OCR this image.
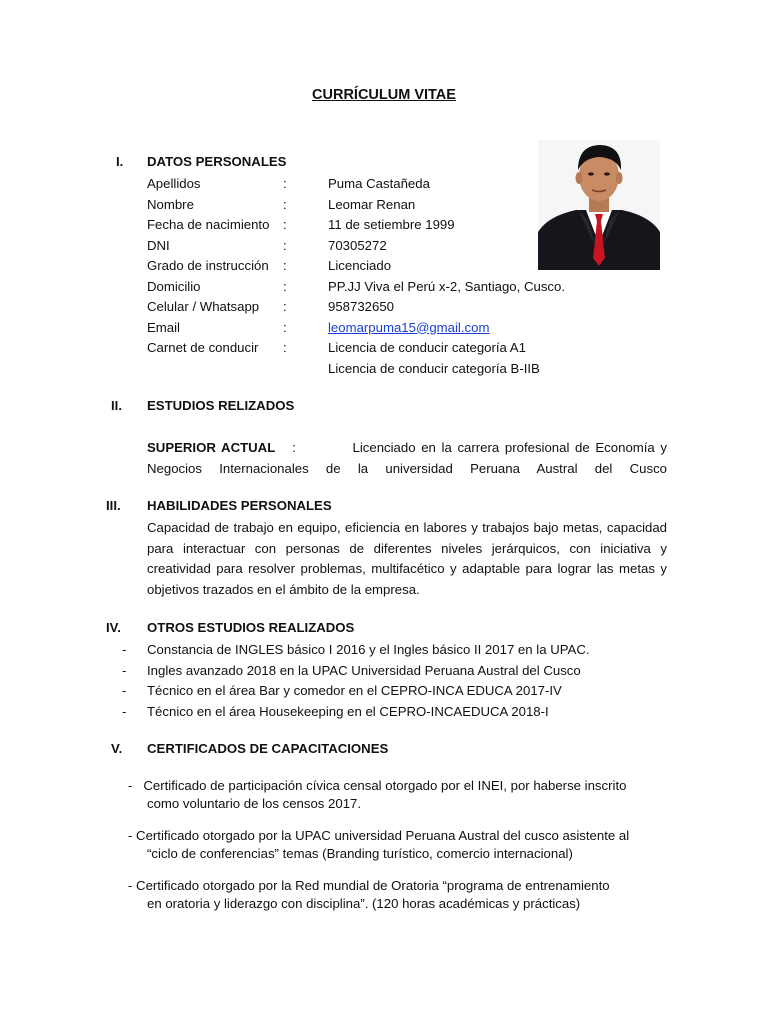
CURRÍCULUM VITAE
I. DATOS PERSONALES
Apellidos	:	Puma Castañeda
Nombre	:	Leomar Renan
Fecha de nacimiento :	11 de setiembre 1999
DNI	:	70305272
Grado de instrucción :	Licenciado
Domicilio	:	PP.JJ Viva el Perú x-2, Santiago, Cusco.
Celular / Whatsapp :	958732650
Email	:	leomarpuma15@gmail.com
Carnet de conducir :	Licencia de conducir categoría A1
Licencia de conducir categoría B-IIB
II. ESTUDIOS RELIZADOS
SUPERIOR ACTUAL :	Licenciado en la carrera profesional de Economía y Negocios Internacionales de la universidad Peruana Austral del Cusco
III. HABILIDADES PERSONALES
Capacidad de trabajo en equipo, eficiencia en labores y trabajos bajo metas, capacidad para interactuar con personas de diferentes niveles jerárquicos, con iniciativa y creatividad para resolver problemas, multifacético y adaptable para lograr las metas y objetivos trazados en el ámbito de la empresa.
IV. OTROS ESTUDIOS REALIZADOS
- Constancia de INGLES básico I 2016 y el Ingles básico II 2017 en la UPAC.
- Ingles avanzado 2018 en la UPAC Universidad Peruana Austral del Cusco
- Técnico en el área Bar y comedor en el CEPRO-INCA EDUCA 2017-IV
- Técnico en el área Housekeeping en el CEPRO-INCAEDUCA 2018-I
V. CERTIFICADOS DE CAPACITACIONES
-   Certificado de participación cívica censal otorgado por el INEI, por haberse inscrito
como voluntario de los censos 2017.
- Certificado otorgado por la UPAC universidad Peruana Austral del cusco asistente al
“ciclo de conferencias” temas (Branding turístico, comercio internacional)
- Certificado otorgado por la Red mundial de Oratoria “programa de entrenamiento
en oratoria y liderazgo con disciplina”. (120 horas académicas y prácticas)
